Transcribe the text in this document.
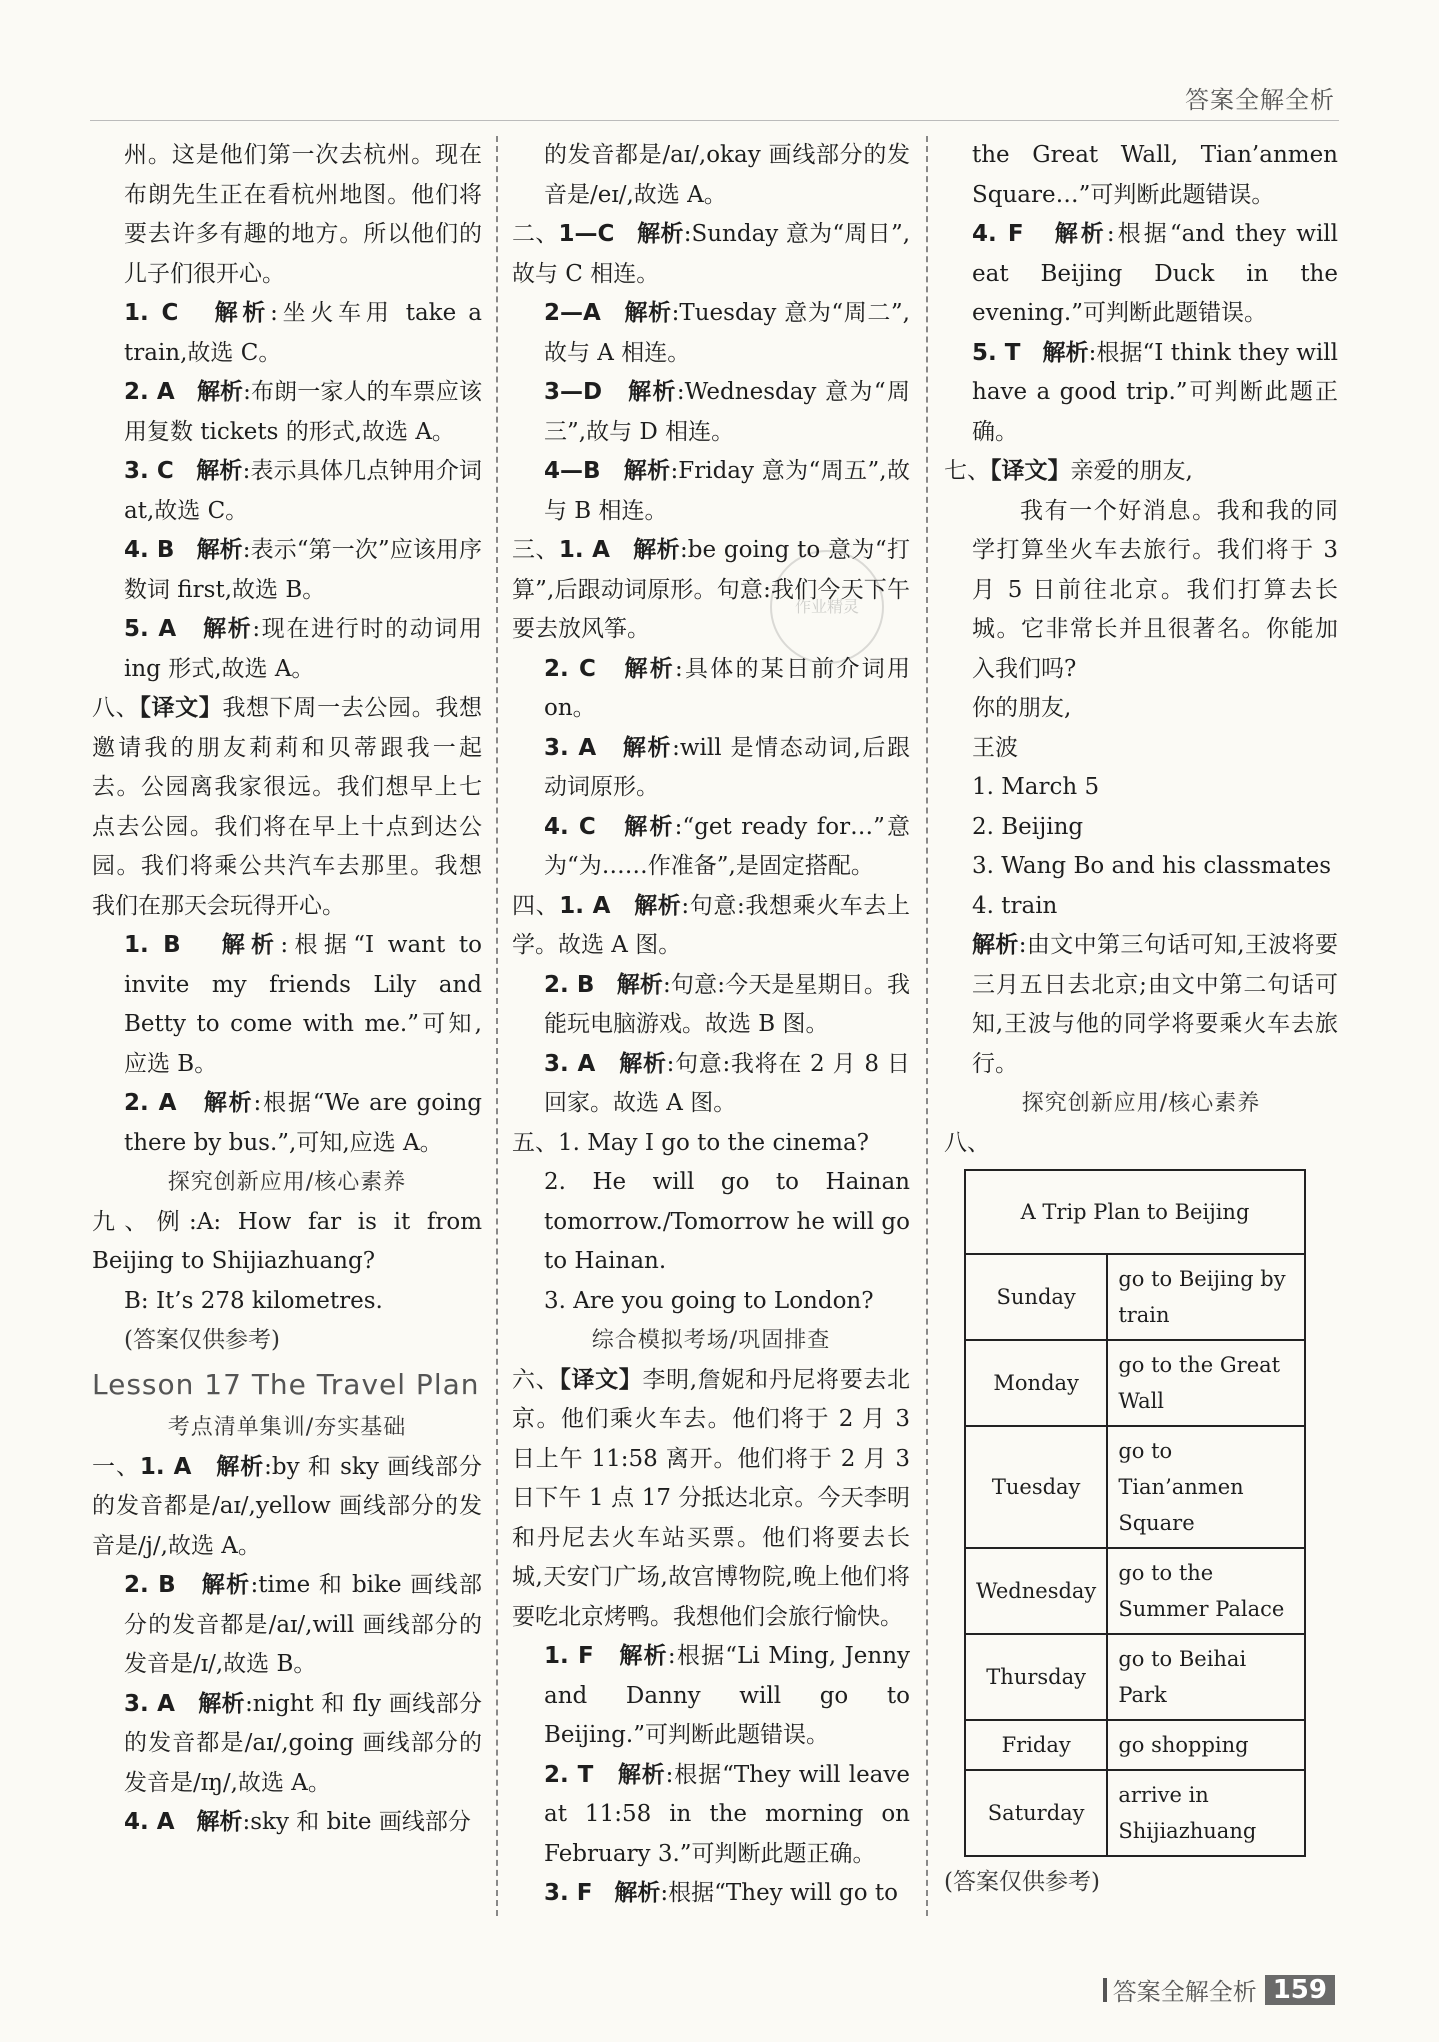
答案全解全析
作业精灵
州。这是他们第一次去杭州。现在布朗先生正在看杭州地图。他们将要去许多有趣的地方。所以他们的儿子们很开心。
1. C 解析:坐火车用 take a train,故选 C。
2. A 解析:布朗一家人的车票应该用复数 tickets 的形式,故选 A。
3. C 解析:表示具体几点钟用介词 at,故选 C。
4. B 解析:表示“第一次”应该用序数词 first,故选 B。
5. A 解析:现在进行时的动词用 ing 形式,故选 A。
八、【译文】我想下周一去公园。我想邀请我的朋友莉莉和贝蒂跟我一起去。公园离我家很远。我们想早上七点去公园。我们将在早上十点到达公园。我们将乘公共汽车去那里。我想我们在那天会玩得开心。
1. B 解析:根据“I want to invite my friends Lily and Betty to come with me.”可知,应选 B。
2. A 解析:根据“We are going there by bus.”,可知,应选 A。
探究创新应用/核心素养
九、例:A: How far is it from Beijing to Shijiazhuang?
B: It’s 278 kilometres.
(答案仅供参考)
Lesson 17 The Travel Plan
考点清单集训/夯实基础
一、1. A 解析:by 和 sky 画线部分的发音都是/aɪ/,yellow 画线部分的发音是/j/,故选 A。
2. B 解析:time 和 bike 画线部分的发音都是/aɪ/,will 画线部分的发音是/ɪ/,故选 B。
3. A 解析:night 和 fly 画线部分的发音都是/aɪ/,going 画线部分的发音是/ɪŋ/,故选 A。
4. A 解析:sky 和 bite 画线部分
的发音都是/aɪ/,okay 画线部分的发音是/eɪ/,故选 A。
二、1—C 解析:Sunday 意为“周日”,故与 C 相连。
2—A 解析:Tuesday 意为“周二”,故与 A 相连。
3—D 解析:Wednesday 意为“周三”,故与 D 相连。
4—B 解析:Friday 意为“周五”,故与 B 相连。
三、1. A 解析:be going to 意为“打算”,后跟动词原形。句意:我们今天下午要去放风筝。
2. C 解析:具体的某日前介词用 on。
3. A 解析:will 是情态动词,后跟动词原形。
4. C 解析:“get ready for…”意为“为……作准备”,是固定搭配。
四、1. A 解析:句意:我想乘火车去上学。故选 A 图。
2. B 解析:句意:今天是星期日。我能玩电脑游戏。故选 B 图。
3. A 解析:句意:我将在 2 月 8 日回家。故选 A 图。
五、1. May I go to the cinema?
2. He will go to Hainan tomorrow./Tomorrow he will go to Hainan.
3. Are you going to London?
综合模拟考场/巩固排查
六、【译文】李明,詹妮和丹尼将要去北京。他们乘火车去。他们将于 2 月 3 日上午 11:58 离开。他们将于 2 月 3 日下午 1 点 17 分抵达北京。今天李明和丹尼去火车站买票。他们将要去长城,天安门广场,故宫博物院,晚上他们将要吃北京烤鸭。我想他们会旅行愉快。
1. F 解析:根据“Li Ming, Jenny and Danny will go to Beijing.”可判断此题错误。
2. T 解析:根据“They will leave at 11:58 in the morning on February 3.”可判断此题正确。
3. F 解析:根据“They will go to
the Great Wall, Tian’anmen Square…”可判断此题错误。
4. F 解析:根据“and they will eat Beijing Duck in the evening.”可判断此题错误。
5. T 解析:根据“I think they will have a good trip.”可判断此题正确。
七、【译文】亲爱的朋友,
我有一个好消息。我和我的同学打算坐火车去旅行。我们将于 3 月 5 日前往北京。我们打算去长城。它非常长并且很著名。你能加入我们吗?
你的朋友,
王波
1. March 5
2. Beijing
3. Wang Bo and his classmates
4. train
解析:由文中第三句话可知,王波将要三月五日去北京;由文中第二句话可知,王波与他的同学将要乘火车去旅行。
探究创新应用/核心素养
八、
A Trip Plan to Beijing	
Sunday	go to Beijing by train
Monday	go to the Great Wall
Tuesday	go to Tian’anmen Square
Wednesday	go to the Summer Palace
Thursday	go to Beihai Park
Friday	go shopping
Saturday	arrive in Shijiazhuang
(答案仅供参考)
答案全解全析 159
